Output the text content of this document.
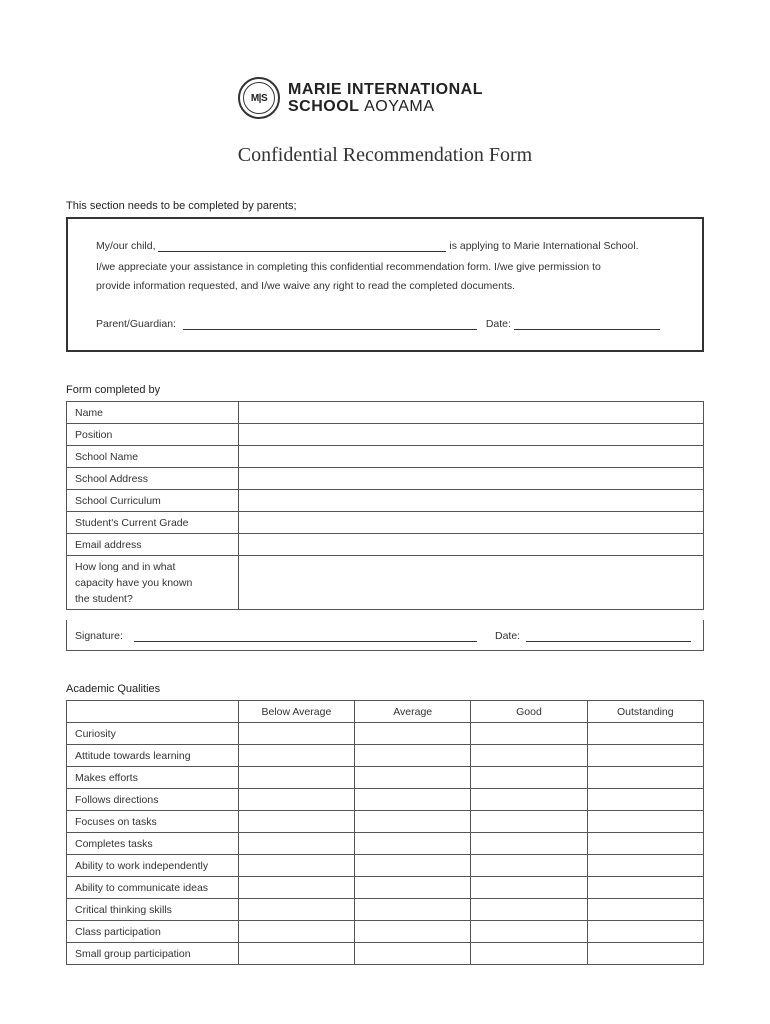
M|S	MARIE INTERNATIONAL
SCHOOL AOYAMA
Confidential Recommendation Form
This section needs to be completed by parents;
My/our child,	is applying to Marie International School.
I/we appreciate your assistance in completing this confidential recommendation form. I/we give permission to
provide information requested, and I/we waive any right to read the completed documents.
Parent/Guardian:	Date:
Form completed by
Name	
Position	
School Name	
School Address	
School Curriculum	
Student's Current Grade	
Email address	

How long and in what
capacity have you known
the student?	

Signature:	Date:
Academic Qualities
	Below Average	Average	Good	Outstanding
Curiosity				
Attitude towards learning				
Makes efforts				
Follows directions				
Focuses on tasks				
Completes tasks				
Ability to work independently				
Ability to communicate ideas				
Critical thinking skills				
Class participation				
Small group participation				
